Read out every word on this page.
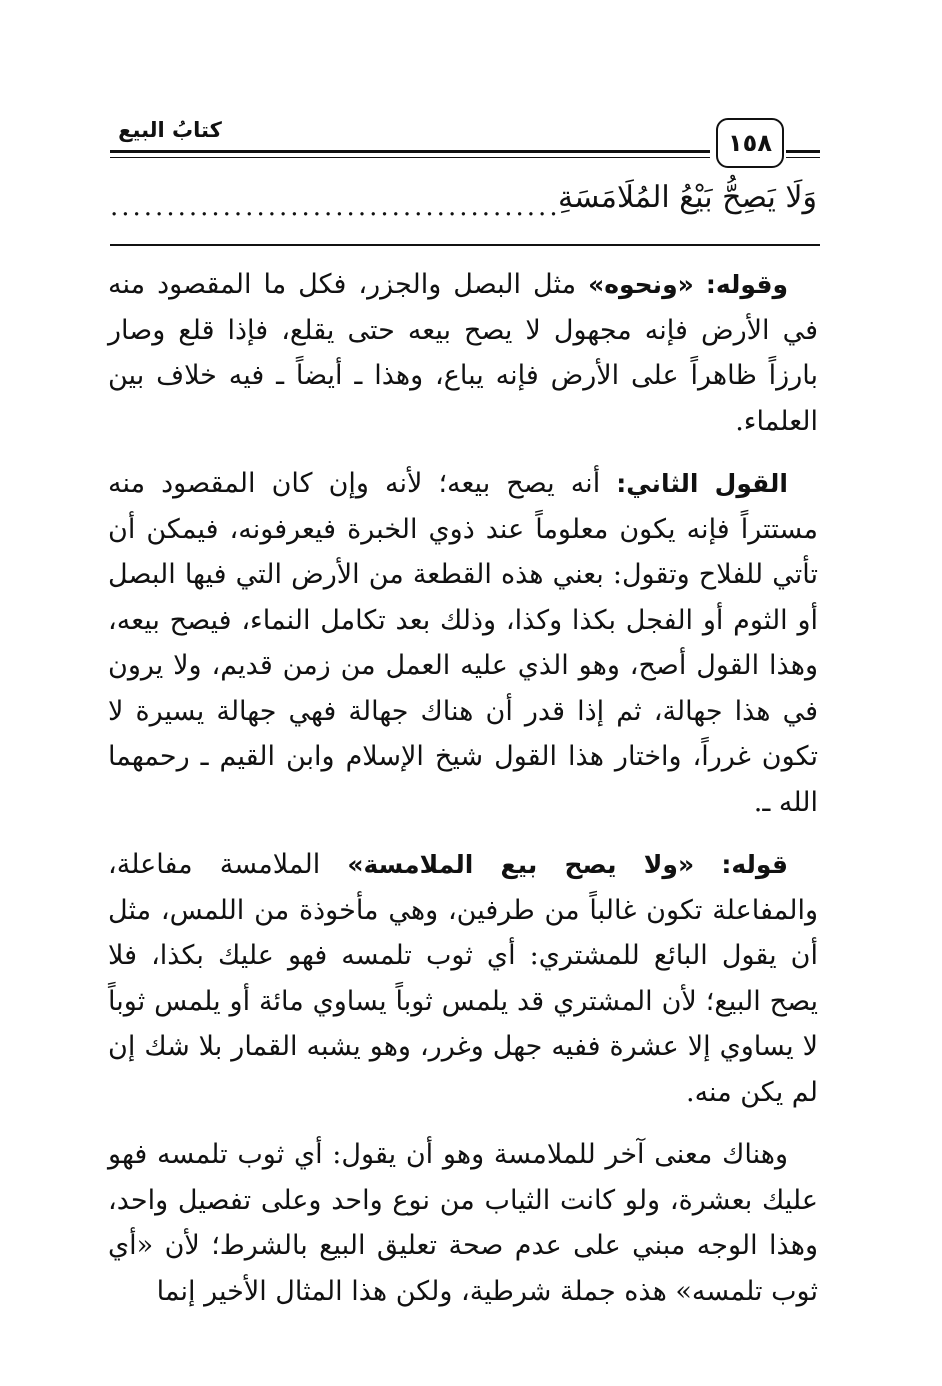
كتابُ البيع	١٥٨
وَلَا يَصِحُّ بَيْعُ المُلَامَسَةِ
........................................

وقوله: «ونحوه» مثل البصل والجزر، فكل ما المقصود منه في الأرض فإنه مجهول لا يصح بيعه حتى يقلع، فإذا قلع وصار بارزاً ظاهراً على الأرض فإنه يباع، وهذا ـ أيضاً ـ فيه خلاف بين العلماء.

القول الثاني: أنه يصح بيعه؛ لأنه وإن كان المقصود منه مستتراً فإنه يكون معلوماً عند ذوي الخبرة فيعرفونه، فيمكن أن تأتي للفلاح وتقول: بعني هذه القطعة من الأرض التي فيها البصل أو الثوم أو الفجل بكذا وكذا، وذلك بعد تكامل النماء، فيصح بيعه، وهذا القول أصح، وهو الذي عليه العمل من زمن قديم، ولا يرون في هذا جهالة، ثم إذا قدر أن هناك جهالة فهي جهالة يسيرة لا تكون غرراً، واختار هذا القول شيخ الإسلام وابن القيم ـ رحمهما الله ـ.

قوله: «ولا يصح بيع الملامسة» الملامسة مفاعلة، والمفاعلة تكون غالباً من طرفين، وهي مأخوذة من اللمس، مثل أن يقول البائع للمشتري: أي ثوب تلمسه فهو عليك بكذا، فلا يصح البيع؛ لأن المشتري قد يلمس ثوباً يساوي مائة أو يلمس ثوباً لا يساوي إلا عشرة ففيه جهل وغرر، وهو يشبه القمار بلا شك إن لم يكن منه.

وهناك معنى آخر للملامسة وهو أن يقول: أي ثوب تلمسه فهو عليك بعشرة، ولو كانت الثياب من نوع واحد وعلى تفصيل واحد، وهذا الوجه مبني على عدم صحة تعليق البيع بالشرط؛ لأن «أي ثوب تلمسه» هذه جملة شرطية، ولكن هذا المثال الأخير إنما
